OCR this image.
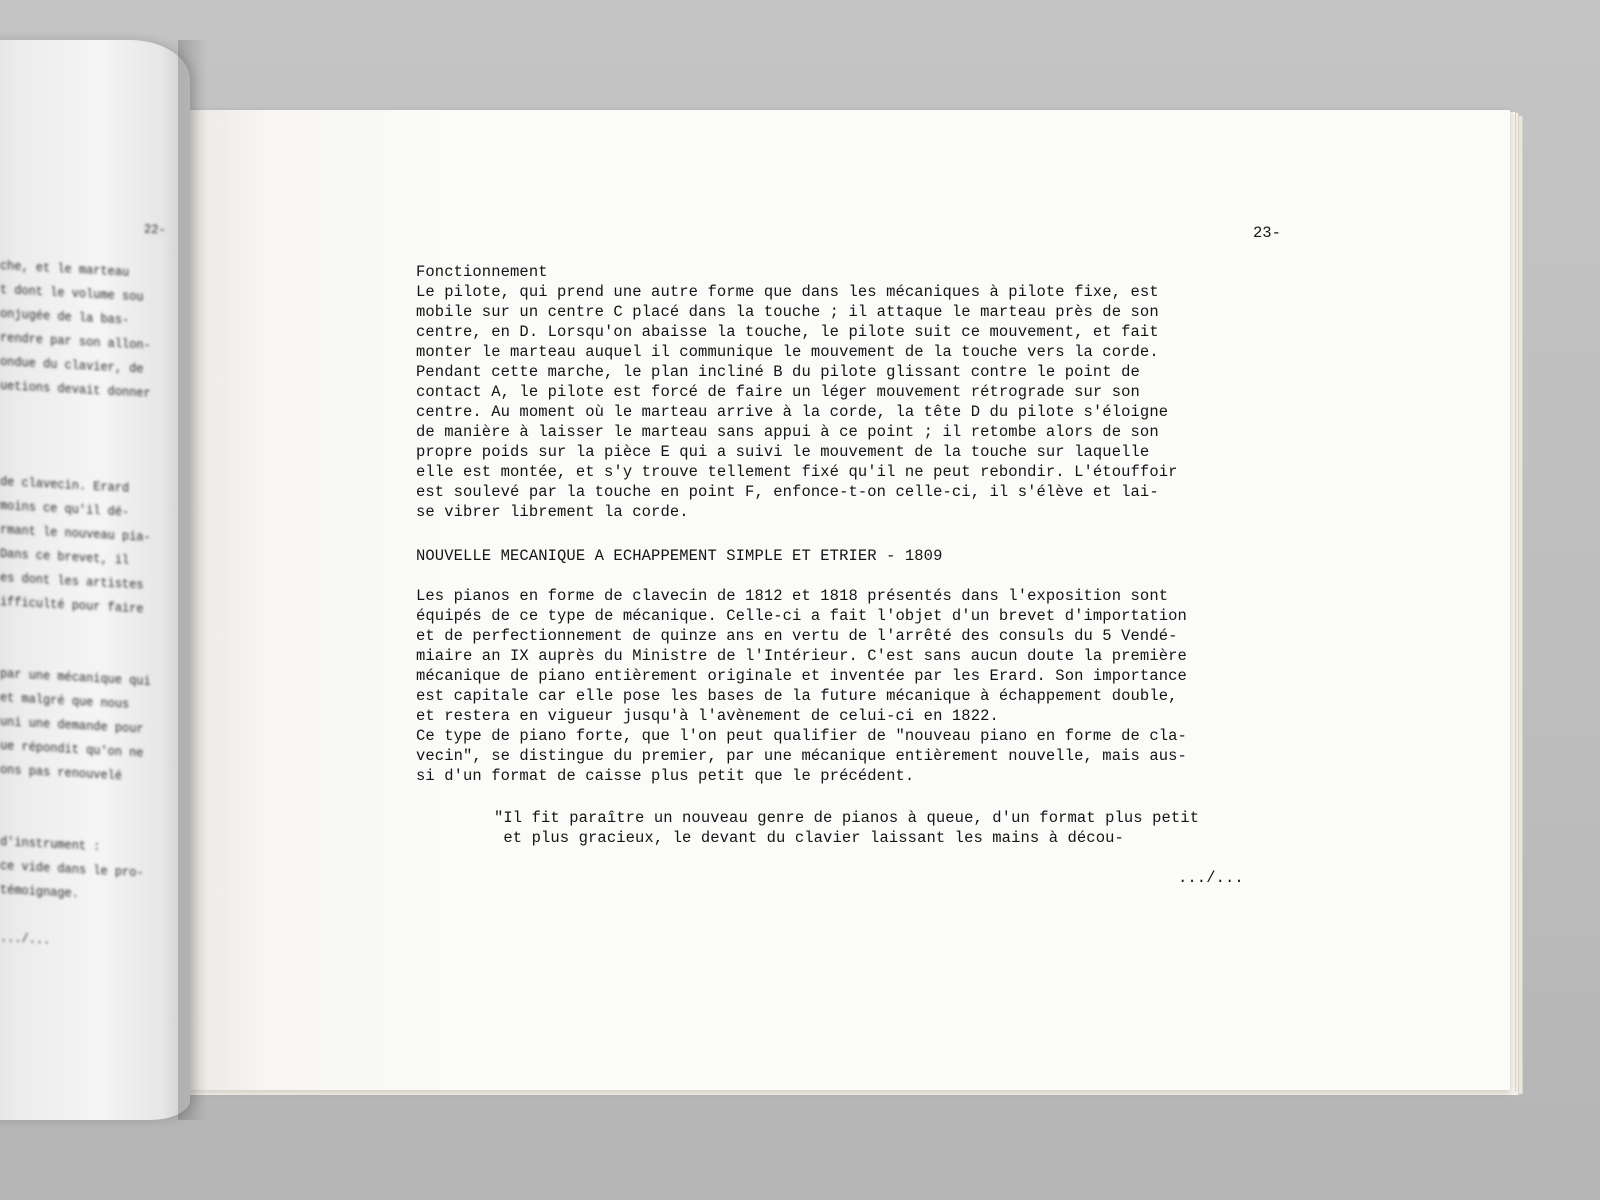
22-
che, et le marteau
t dont le volume sou
onjugée de la bas-
rendre par son allon-
ondue du clavier, de
uetions devait donner

de clavecin. Erard
moins ce qu'il dé-
rmant le nouveau pia-
Dans ce brevet, il
es dont les artistes
ifficulté pour faire

par une mécanique qui
et malgré que nous
uni une demande pour
ue répondit qu'on ne
ons pas renouvelé

d'instrument :
ce vide dans le pro-
témoignage.

.../...
23-
Fonctionnement
Le pilote, qui prend une autre forme que dans les mécaniques à pilote fixe, est
mobile sur un centre C placé dans la touche ; il attaque le marteau près de son
centre, en D. Lorsqu'on abaisse la touche, le pilote suit ce mouvement, et fait
monter le marteau auquel il communique le mouvement de la touche vers la corde.
Pendant cette marche, le plan incliné B du pilote glissant contre le point de
contact A, le pilote est forcé de faire un léger mouvement rétrograde sur son
centre. Au moment où le marteau arrive à la corde, la tête D du pilote s'éloigne
de manière à laisser le marteau sans appui à ce point ; il retombe alors de son
propre poids sur la pièce E qui a suivi le mouvement de la touche sur laquelle
elle est montée, et s'y trouve tellement fixé qu'il ne peut rebondir. L'étouffoir
est soulevé par la touche en point F, enfonce-t-on celle-ci, il s'élève et lai-
se vibrer librement la corde.
NOUVELLE MECANIQUE A ECHAPPEMENT SIMPLE ET ETRIER - 1809
Les pianos en forme de clavecin de 1812 et 1818 présentés dans l'exposition sont
équipés de ce type de mécanique. Celle-ci a fait l'objet d'un brevet d'importation
et de perfectionnement de quinze ans en vertu de l'arrêté des consuls du 5 Vendé-
miaire an IX auprès du Ministre de l'Intérieur. C'est sans aucun doute la première
mécanique de piano entièrement originale et inventée par les Erard. Son importance
est capitale car elle pose les bases de la future mécanique à échappement double,
et restera en vigueur jusqu'à l'avènement de celui-ci en 1822.
Ce type de piano forte, que l'on peut qualifier de "nouveau piano en forme de cla-
vecin", se distingue du premier, par une mécanique entièrement nouvelle, mais aus-
si d'un format de caisse plus petit que le précédent.
"Il fit paraître un nouveau genre de pianos à queue, d'un format plus petit
et plus gracieux, le devant du clavier laissant les mains à décou-
.../...
